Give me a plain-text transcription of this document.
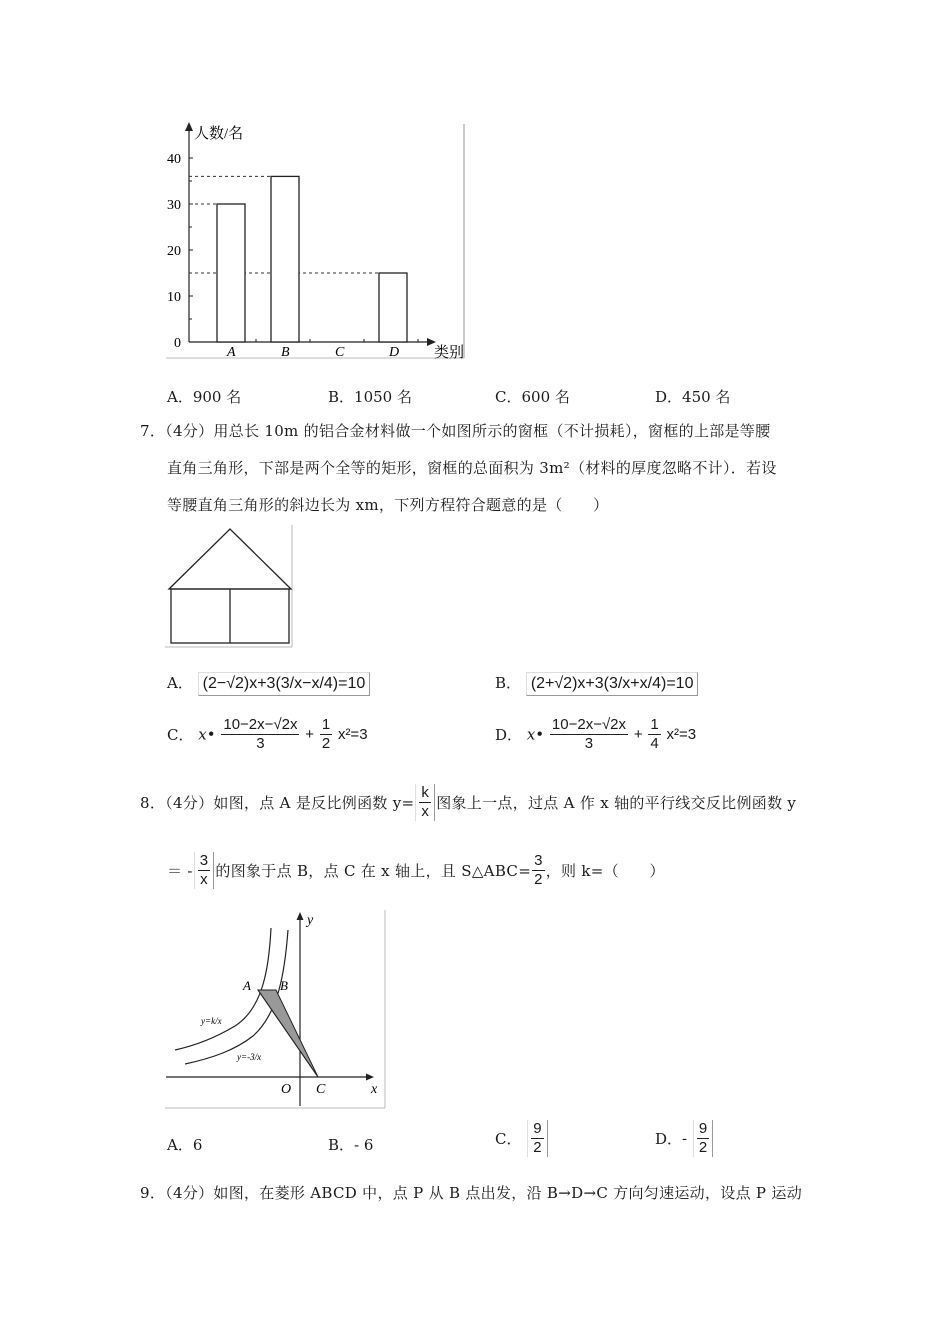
人数/名
类别
0
10
20
30
40
A	B	C	D
A．900 名	B．1050 名	C．600 名	D．450 名
7．（4分）用总长 10m 的铝合金材料做一个如图所示的窗框（不计损耗），窗框的上部是等腰
直角三角形，下部是两个全等的矩形，窗框的总面积为 3m²（材料的厚度忽略不计）．若设
等腰直角三角形的斜边长为 xm，下列方程符合题意的是（　　）
A． (2−√2)x+3(3/x−x/4)=10	B． (2+√2)x+3(3/x+x/4)=10
C． x• $\frac{10-2x-√2x}{3} + \frac{1}{2} x^2=3$	D． x• $\frac{10-2x-√2x}{3} + \frac{1}{4} x^2=3$
8．（4分）如图，点 A 是反比例函数 $y= \frac{k}{x}$ 图象上一点，过点 A 作 x 轴的平行线交反比例函数 y
＝ - $\frac{3}{x}$ 的图象于点 B，点 C 在 x 轴上，且 S△ABC= $\frac{3}{2}$ ，则 k=（　　）
A B
C
O	x
y
y=k/x
y=-3/x
A．6	B．- 6	C． $\frac{9}{2}$	D．- $\frac{9}{2}$
9．（4分）如图，在菱形 ABCD 中，点 P 从 B 点出发，沿 B→D→C 方向匀速运动，设点 P 运动
